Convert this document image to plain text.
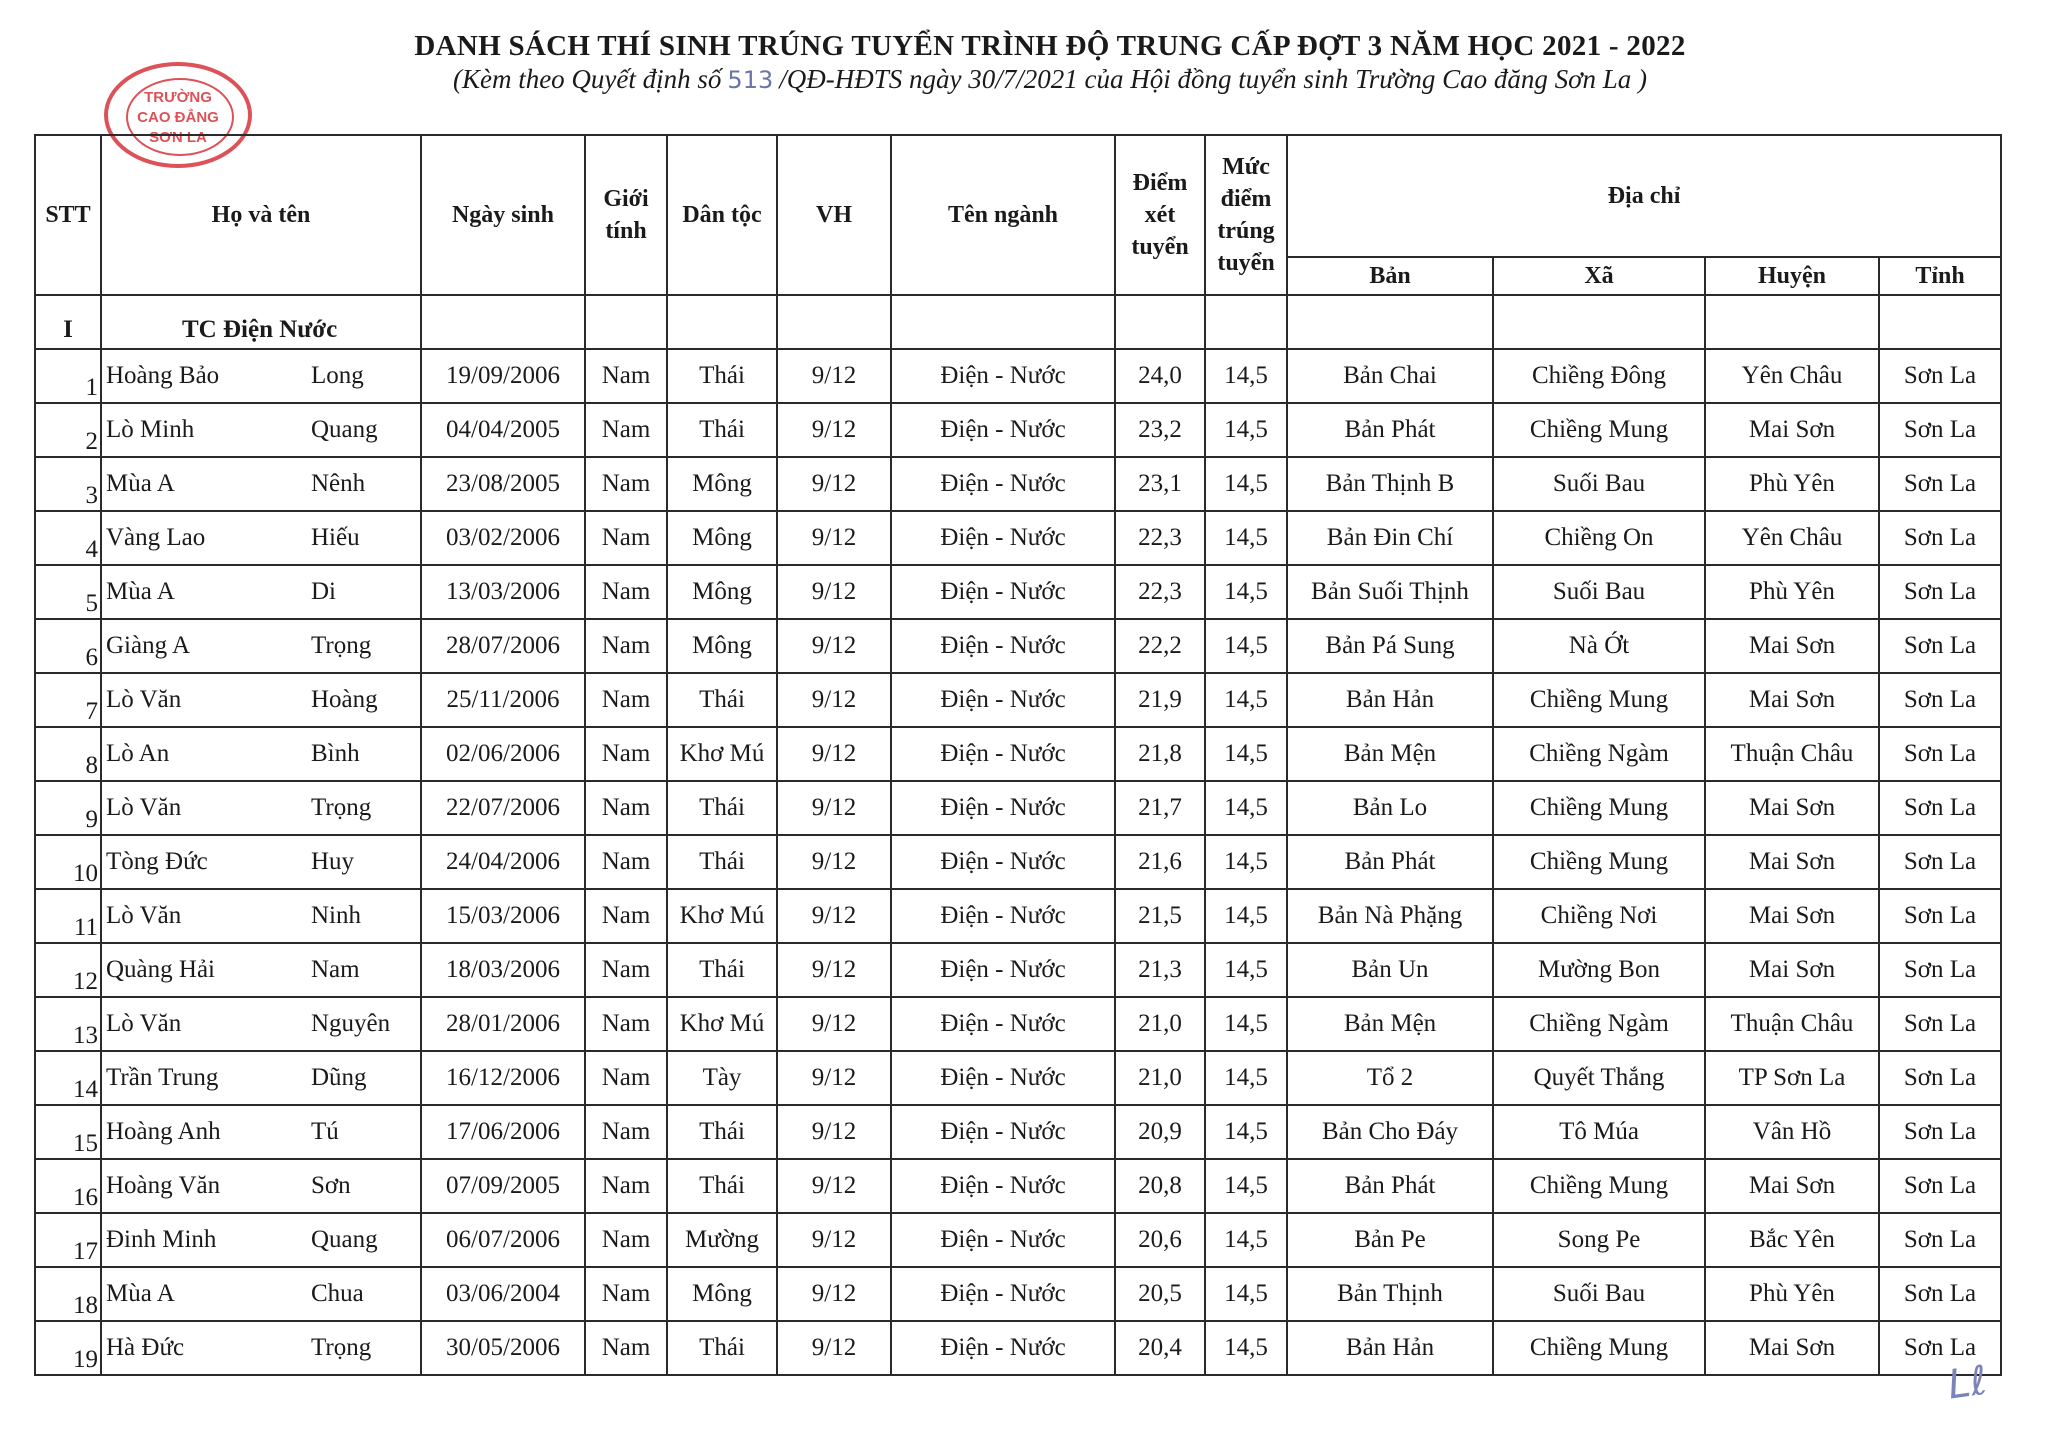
DANH SÁCH THÍ SINH TRÚNG TUYỂN TRÌNH ĐỘ TRUNG CẤP ĐỢT 3 NĂM HỌC 2021 - 2022
(Kèm theo Quyết định số 513 /QĐ-HĐTS ngày 30/7/2021 của Hội đồng tuyển sinh Trường Cao đăng Sơn La )
TRƯỜNG
CAO ĐẲNG
SƠN LA
STT	Họ và tên	Ngày sinh	Giới tính	Dân tộc	VH	Tên ngành	Điểm xét tuyển	Mức điểm trúng tuyển	Địa chỉ			
									Bản	Xã	Huyện	Tỉnh
I	TC Điện Nước											
1	Hoàng Bảo Long	19/09/2006	Nam	Thái	9/12	Điện - Nước	24,0	14,5	Bản Chai	Chiềng Đông	Yên Châu	Sơn La
2	Lò Minh Quang	04/04/2005	Nam	Thái	9/12	Điện - Nước	23,2	14,5	Bản Phát	Chiềng Mung	Mai Sơn	Sơn La
3	Mùa A Nênh	23/08/2005	Nam	Mông	9/12	Điện - Nước	23,1	14,5	Bản Thịnh B	Suối Bau	Phù Yên	Sơn La
4	Vàng Lao Hiếu	03/02/2006	Nam	Mông	9/12	Điện - Nước	22,3	14,5	Bản Đin Chí	Chiềng On	Yên Châu	Sơn La
5	Mùa A Di	13/03/2006	Nam	Mông	9/12	Điện - Nước	22,3	14,5	Bản Suối Thịnh	Suối Bau	Phù Yên	Sơn La
6	Giàng A Trọng	28/07/2006	Nam	Mông	9/12	Điện - Nước	22,2	14,5	Bản Pá Sung	Nà Ớt	Mai Sơn	Sơn La
7	Lò Văn Hoàng	25/11/2006	Nam	Thái	9/12	Điện - Nước	21,9	14,5	Bản Hản	Chiềng Mung	Mai Sơn	Sơn La
8	Lò An Bình	02/06/2006	Nam	Khơ Mú	9/12	Điện - Nước	21,8	14,5	Bản Mện	Chiềng Ngàm	Thuận Châu	Sơn La
9	Lò Văn Trọng	22/07/2006	Nam	Thái	9/12	Điện - Nước	21,7	14,5	Bản Lo	Chiềng Mung	Mai Sơn	Sơn La
10	Tòng Đức Huy	24/04/2006	Nam	Thái	9/12	Điện - Nước	21,6	14,5	Bản Phát	Chiềng Mung	Mai Sơn	Sơn La
11	Lò Văn Ninh	15/03/2006	Nam	Khơ Mú	9/12	Điện - Nước	21,5	14,5	Bản Nà Phặng	Chiềng Nơi	Mai Sơn	Sơn La
12	Quàng Hải Nam	18/03/2006	Nam	Thái	9/12	Điện - Nước	21,3	14,5	Bản Un	Mường Bon	Mai Sơn	Sơn La
13	Lò Văn Nguyên	28/01/2006	Nam	Khơ Mú	9/12	Điện - Nước	21,0	14,5	Bản Mện	Chiềng Ngàm	Thuận Châu	Sơn La
14	Trần Trung Dũng	16/12/2006	Nam	Tày	9/12	Điện - Nước	21,0	14,5	Tổ 2	Quyết Thắng	TP Sơn La	Sơn La
15	Hoàng Anh Tú	17/06/2006	Nam	Thái	9/12	Điện - Nước	20,9	14,5	Bản Cho Đáy	Tô Múa	Vân Hồ	Sơn La
16	Hoàng Văn Sơn	07/09/2005	Nam	Thái	9/12	Điện - Nước	20,8	14,5	Bản Phát	Chiềng Mung	Mai Sơn	Sơn La
17	Đinh Minh Quang	06/07/2006	Nam	Mường	9/12	Điện - Nước	20,6	14,5	Bản Pe	Song Pe	Bắc Yên	Sơn La
18	Mùa A Chua	03/06/2004	Nam	Mông	9/12	Điện - Nước	20,5	14,5	Bản Thịnh	Suối Bau	Phù Yên	Sơn La
19	Hà Đức Trọng	30/05/2006	Nam	Thái	9/12	Điện - Nước	20,4	14,5	Bản Hản	Chiềng Mung	Mai Sơn	Sơn La
ᒪℓ
